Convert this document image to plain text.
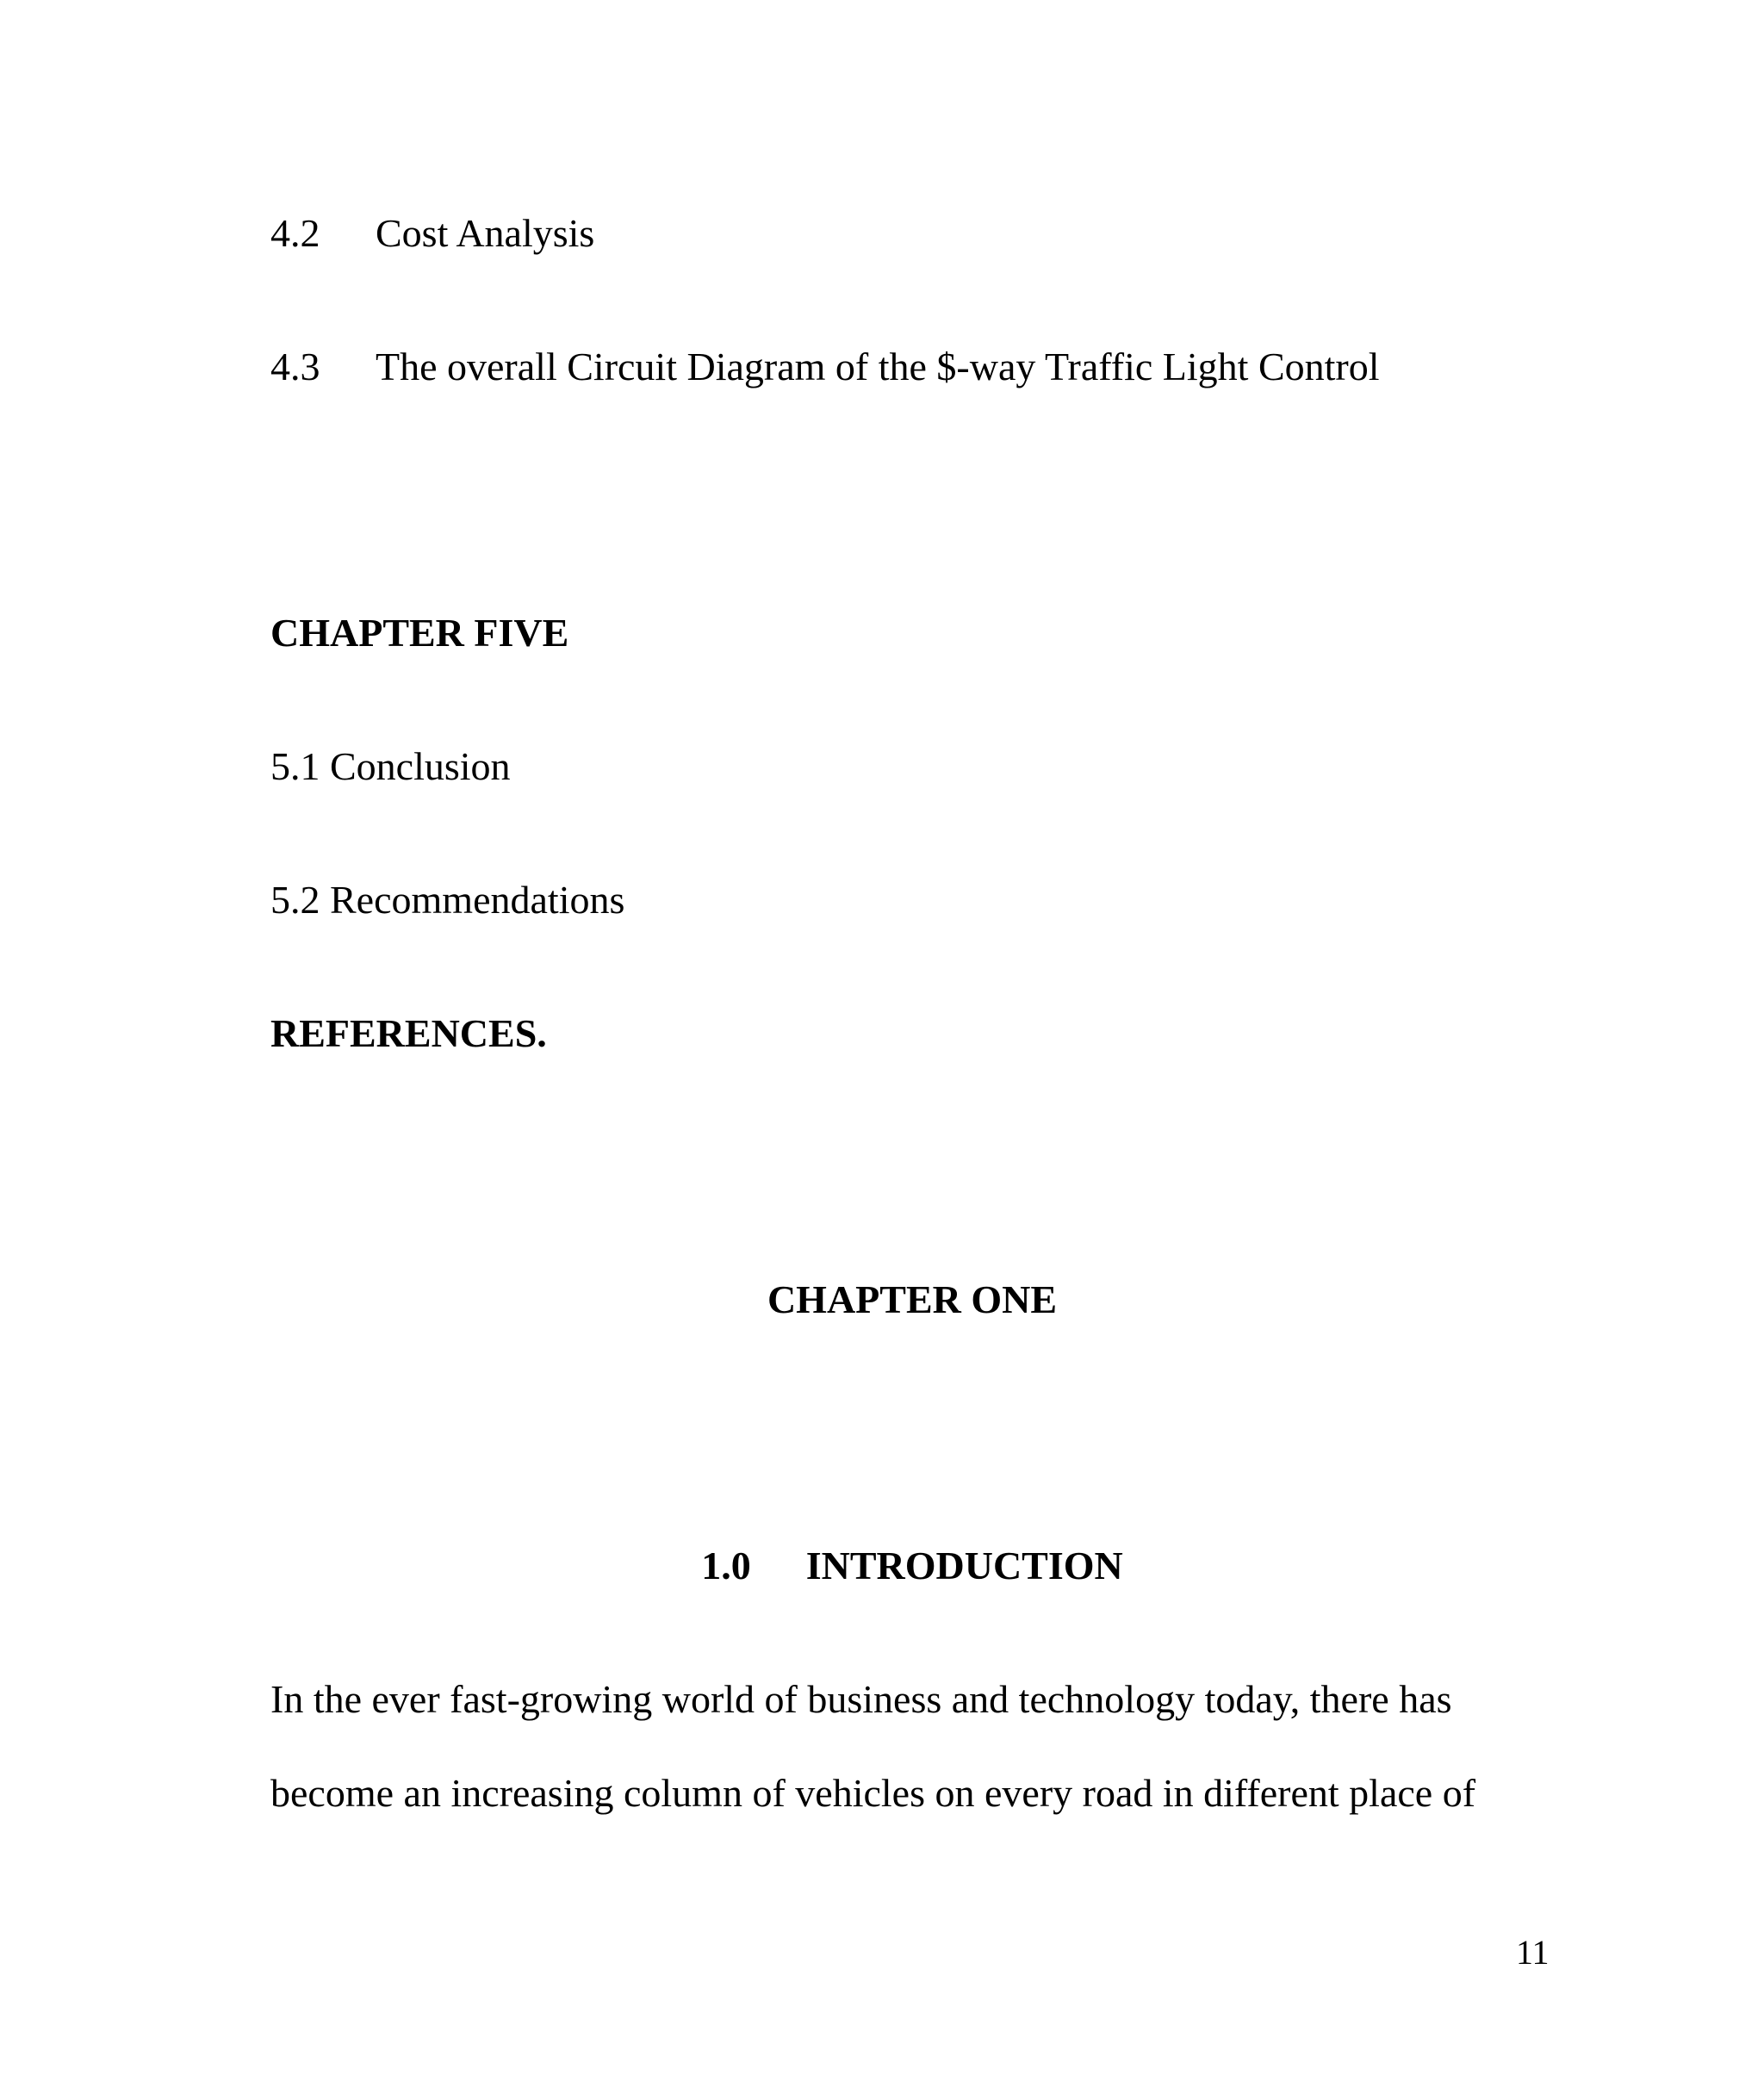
4.2 Cost Analysis
4.3 The overall Circuit Diagram of the $-way Traffic Light Control
CHAPTER FIVE
5.1 Conclusion
5.2 Recommendations
REFERENCES.
CHAPTER ONE
1.0 INTRODUCTION
In the ever fast-growing world of business and technology today, there has
become an increasing column of vehicles on every road in different place of
11
